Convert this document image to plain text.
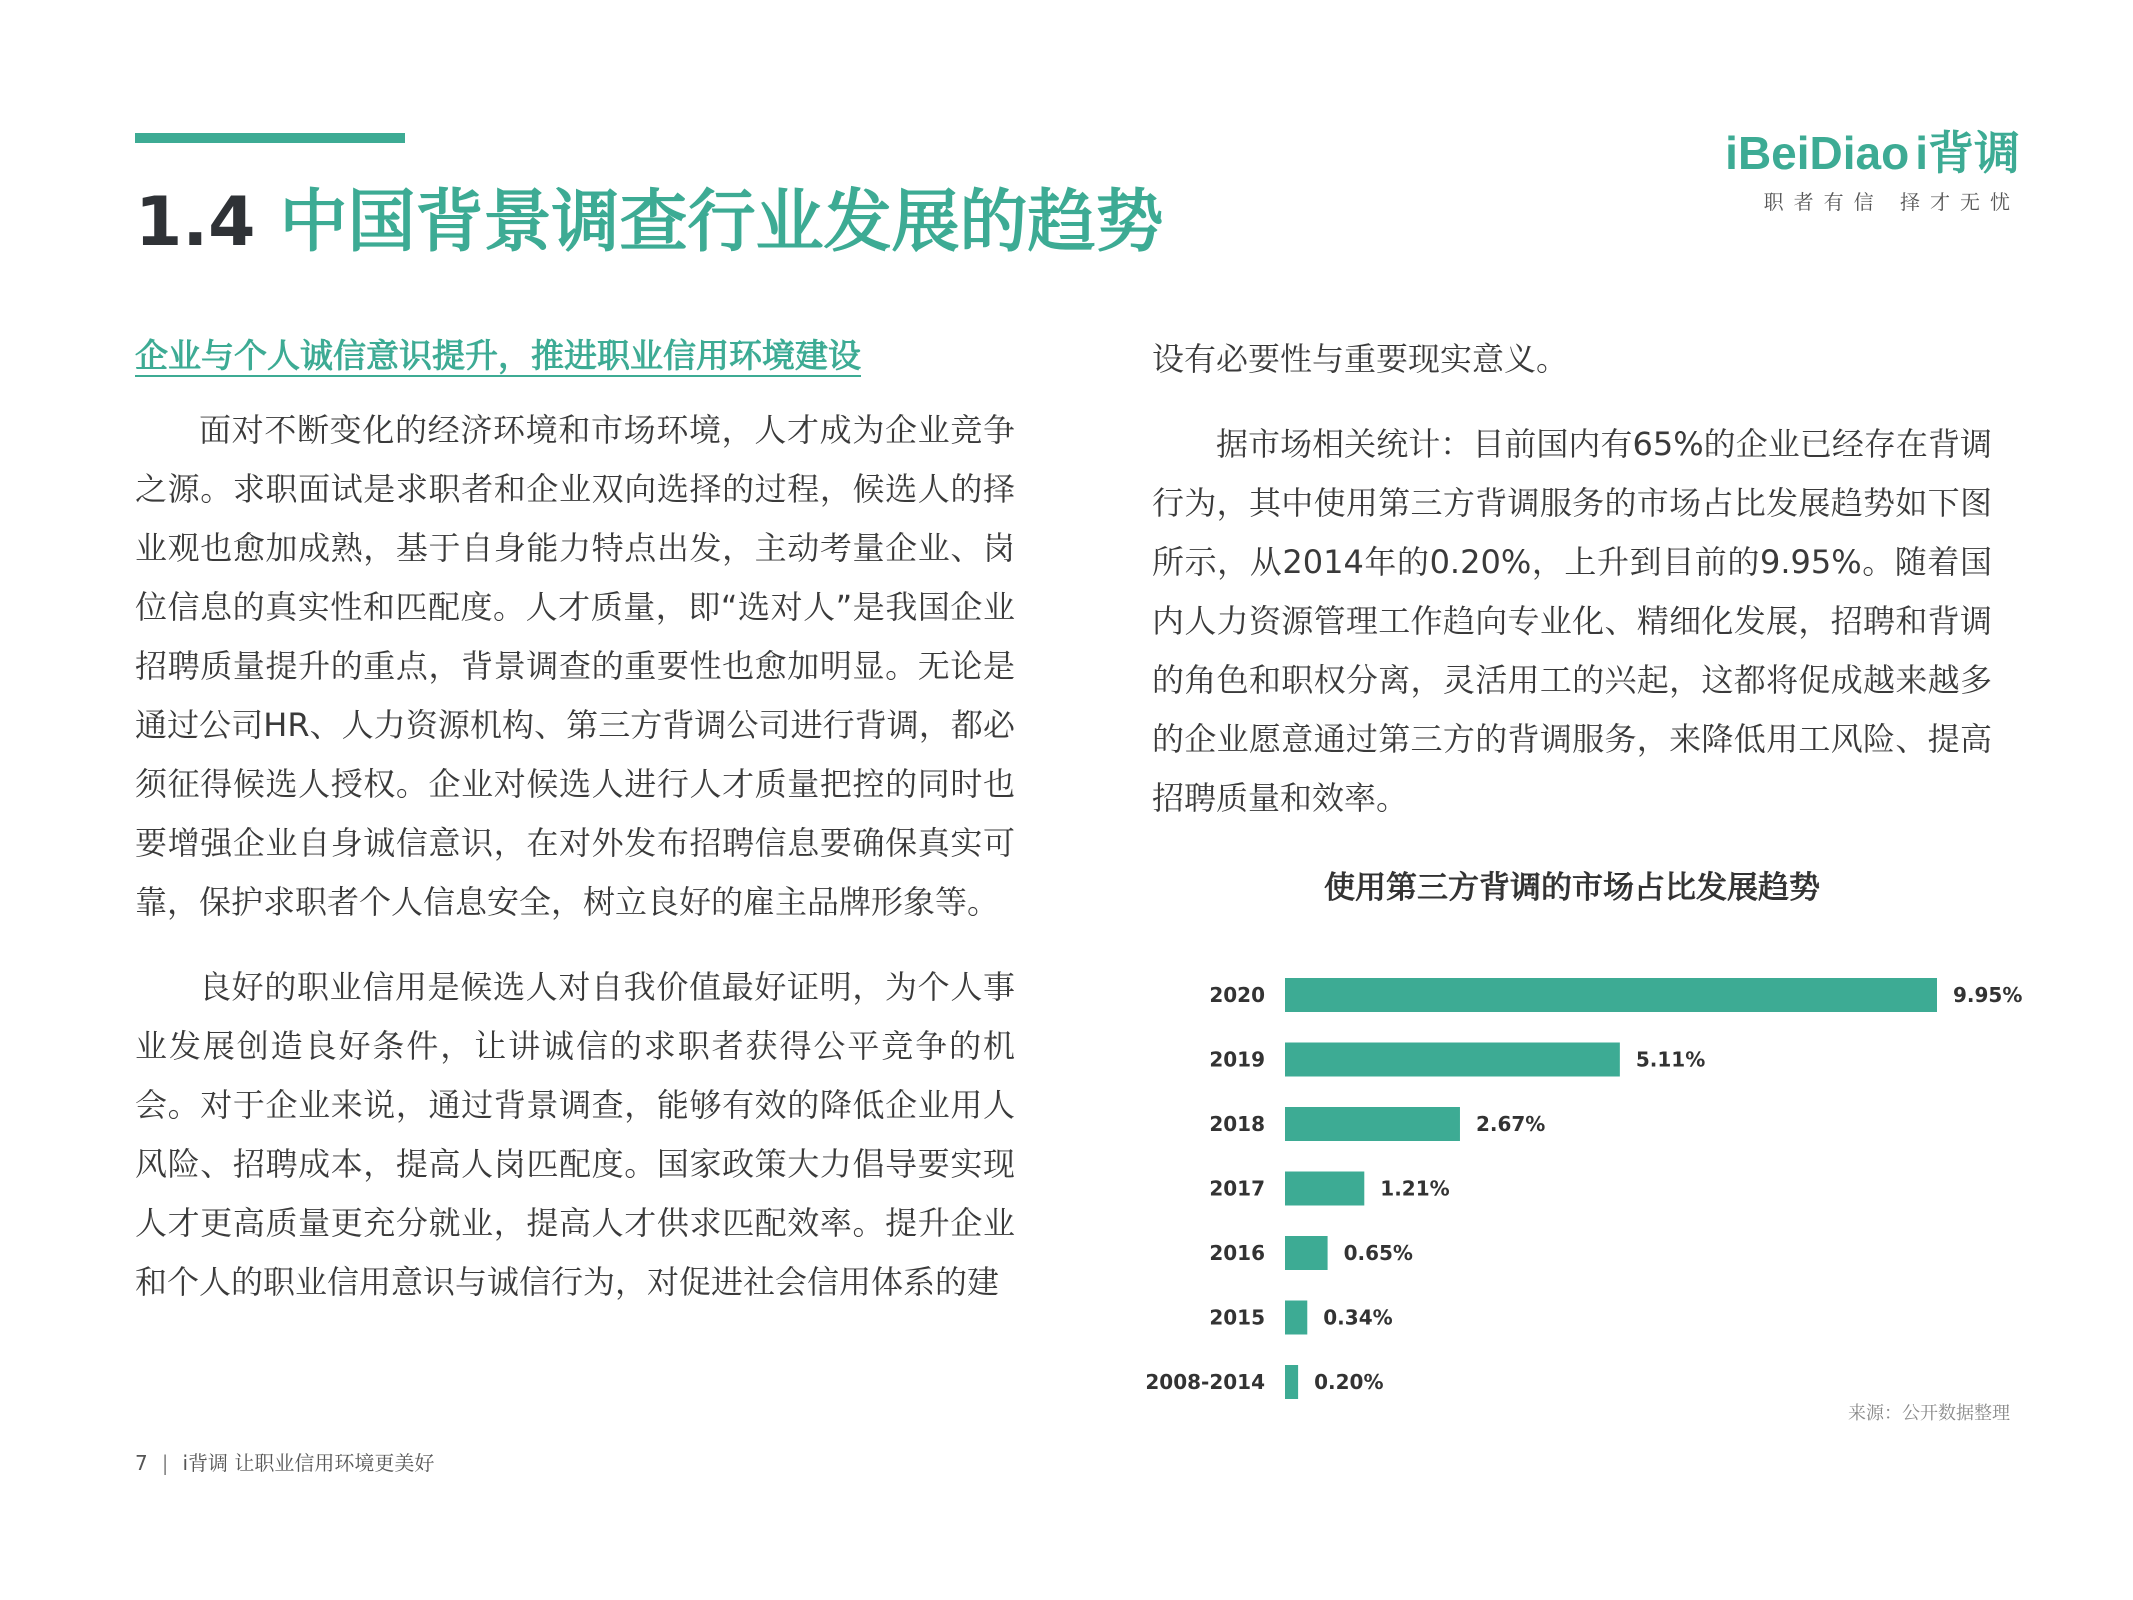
1.4 中国背景调查行业发展的趋势
iBeiDiao i背调
职者有信 择才无忧
企业与个人诚信意识提升，推进职业信用环境建设

面对不断变化的经济环境和市场环境，人才成为企业竞争之源。求职面试是求职者和企业双向选择的过程，候选人的择业观也愈加成熟，基于自身能力特点出发，主动考量企业、岗位信息的真实性和匹配度。人才质量，即“选对人”是我国企业招聘质量提升的重点，背景调查的重要性也愈加明显。无论是通过公司HR、人力资源机构、第三方背调公司进行背调，都必须征得候选人授权。企业对候选人进行人才质量把控的同时也要增强企业自身诚信意识，在对外发布招聘信息要确保真实可靠，保护求职者个人信息安全，树立良好的雇主品牌形象等。

良好的职业信用是候选人对自我价值最好证明，为个人事业发展创造良好条件，让讲诚信的求职者获得公平竞争的机会。对于企业来说，通过背景调查，能够有效的降低企业用人风险、招聘成本，提高人岗匹配度。国家政策大力倡导要实现人才更高质量更充分就业，提高人才供求匹配效率。提升企业和个人的职业信用意识与诚信行为，对促进社会信用体系的建

设有必要性与重要现实意义。

据市场相关统计：目前国内有65%的企业已经存在背调行为，其中使用第三方背调服务的市场占比发展趋势如下图所示，从2014年的0.20%，上升到目前的9.95%。随着国内人力资源管理工作趋向专业化、精细化发展，招聘和背调的角色和职权分离，灵活用工的兴起，这都将促成越来越多的企业愿意通过第三方的背调服务，来降低用工风险、提高招聘质量和效率。

使用第三方背调的市场占比发展趋势
2020	9.95%
2019	5.11%
2018	2.67%
2017	1.21%
2016	0.65%
2015	0.34%
2008-2014 0.20%
来源：公开数据整理
7 | i背调 让职业信用环境更美好
